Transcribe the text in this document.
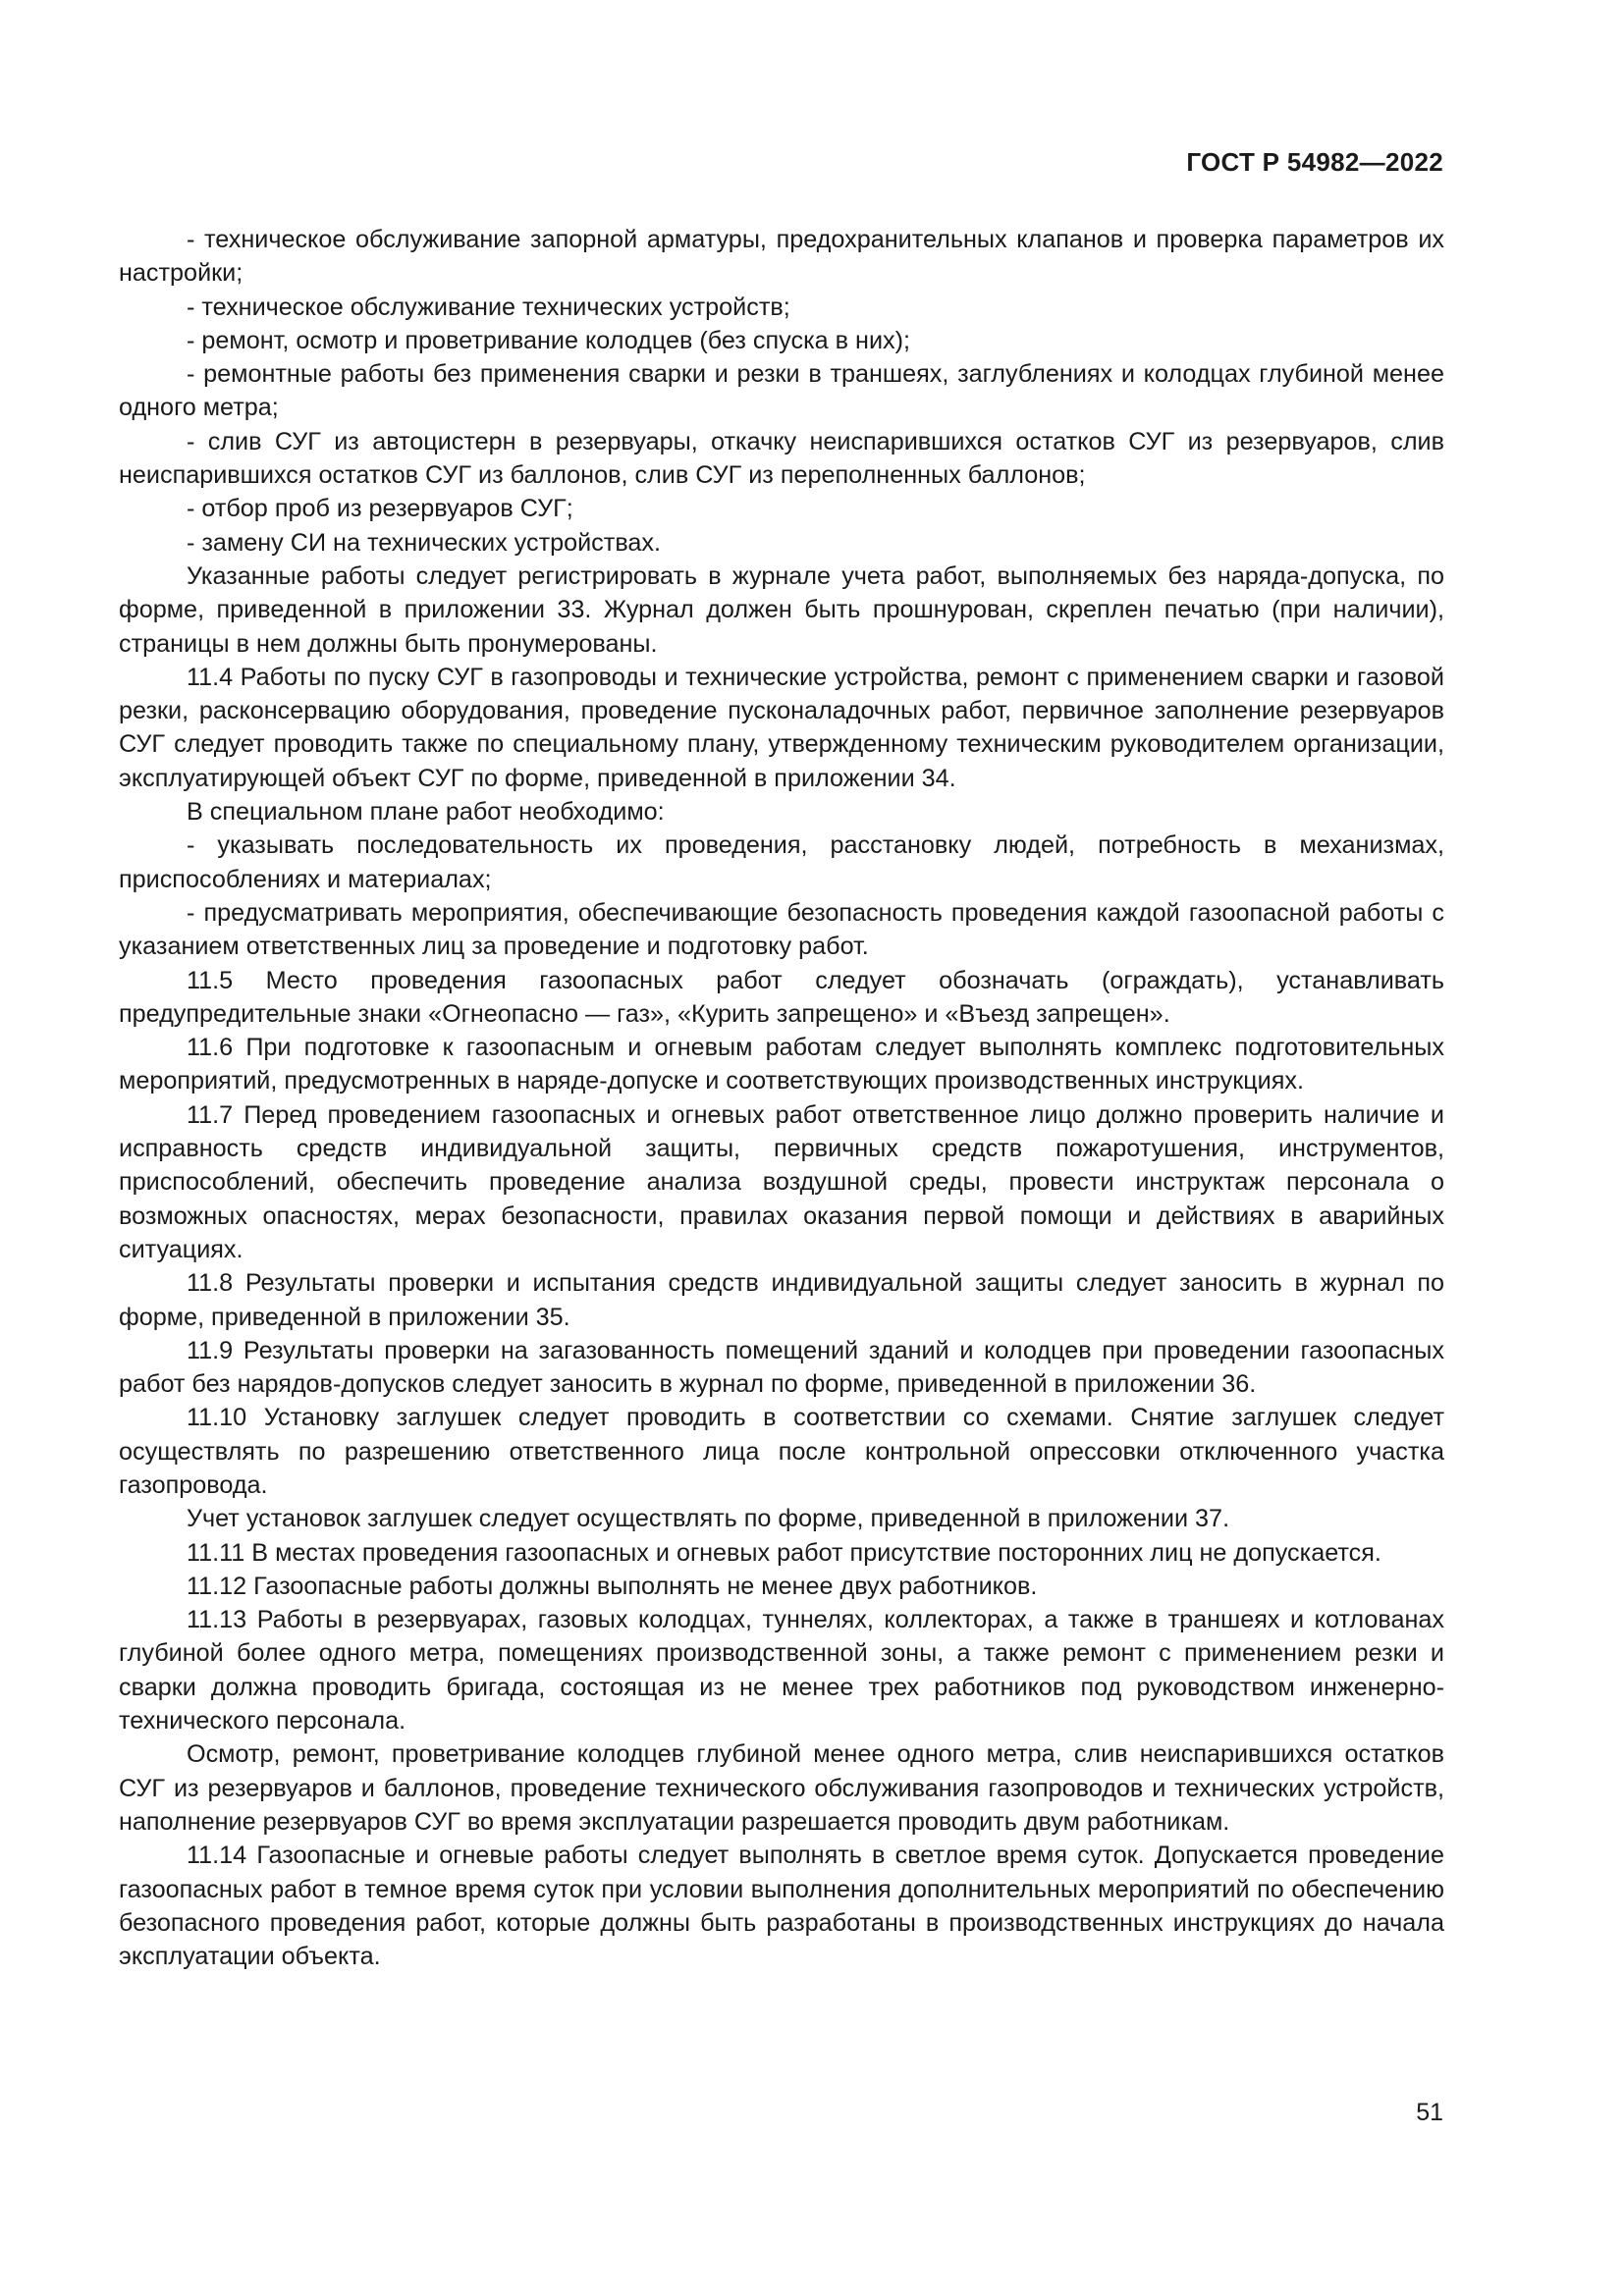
ГОСТ Р 54982—2022

- техническое обслуживание запорной арматуры, предохранительных клапанов и проверка параметров их настройки;

- техническое обслуживание технических устройств;

- ремонт, осмотр и проветривание колодцев (без спуска в них);

- ремонтные работы без применения сварки и резки в траншеях, заглублениях и колодцах глубиной менее одного метра;

- слив СУГ из автоцистерн в резервуары, откачку неиспарившихся остатков СУГ из резервуаров, слив неиспарившихся остатков СУГ из баллонов, слив СУГ из переполненных баллонов;

- отбор проб из резервуаров СУГ;

- замену СИ на технических устройствах.

Указанные работы следует регистрировать в журнале учета работ, выполняемых без наряда-допуска, по форме, приведенной в приложении 33. Журнал должен быть прошнурован, скреплен печатью (при наличии), страницы в нем должны быть пронумерованы.

11.4 Работы по пуску СУГ в газопроводы и технические устройства, ремонт с применением сварки и газовой резки, расконсервацию оборудования, проведение пусконаладочных работ, первичное заполнение резервуаров СУГ следует проводить также по специальному плану, утвержденному техническим руководителем организации, эксплуатирующей объект СУГ по форме, приведенной в приложении 34.

В специальном плане работ необходимо:

- указывать последовательность их проведения, расстановку людей, потребность в механизмах, приспособлениях и материалах;

- предусматривать мероприятия, обеспечивающие безопасность проведения каждой газоопасной работы с указанием ответственных лиц за проведение и подготовку работ.

11.5 Место проведения газоопасных работ следует обозначать (ограждать), устанавливать предупредительные знаки «Огнеопасно — газ», «Курить запрещено» и «Въезд запрещен».

11.6 При подготовке к газоопасным и огневым работам следует выполнять комплекс подготовительных мероприятий, предусмотренных в наряде-допуске и соответствующих производственных инструкциях.

11.7 Перед проведением газоопасных и огневых работ ответственное лицо должно проверить наличие и исправность средств индивидуальной защиты, первичных средств пожаротушения, инструментов, приспособлений, обеспечить проведение анализа воздушной среды, провести инструктаж персонала о возможных опасностях, мерах безопасности, правилах оказания первой помощи и действиях в аварийных ситуациях.

11.8 Результаты проверки и испытания средств индивидуальной защиты следует заносить в журнал по форме, приведенной в приложении 35.

11.9 Результаты проверки на загазованность помещений зданий и колодцев при проведении газоопасных работ без нарядов-допусков следует заносить в журнал по форме, приведенной в приложении 36.

11.10 Установку заглушек следует проводить в соответствии со схемами. Снятие заглушек следует осуществлять по разрешению ответственного лица после контрольной опрессовки отключенного участка газопровода.

Учет установок заглушек следует осуществлять по форме, приведенной в приложении 37.

11.11 В местах проведения газоопасных и огневых работ присутствие посторонних лиц не допускается.

11.12 Газоопасные работы должны выполнять не менее двух работников.

11.13 Работы в резервуарах, газовых колодцах, туннелях, коллекторах, а также в траншеях и котлованах глубиной более одного метра, помещениях производственной зоны, а также ремонт с применением резки и сварки должна проводить бригада, состоящая из не менее трех работников под руководством инженерно-технического персонала.

Осмотр, ремонт, проветривание колодцев глубиной менее одного метра, слив неиспарившихся остатков СУГ из резервуаров и баллонов, проведение технического обслуживания газопроводов и технических устройств, наполнение резервуаров СУГ во время эксплуатации разрешается проводить двум работникам.

11.14 Газоопасные и огневые работы следует выполнять в светлое время суток. Допускается проведение газоопасных работ в темное время суток при условии выполнения дополнительных мероприятий по обеспечению безопасного проведения работ, которые должны быть разработаны в производственных инструкциях до начала эксплуатации объекта.

51
